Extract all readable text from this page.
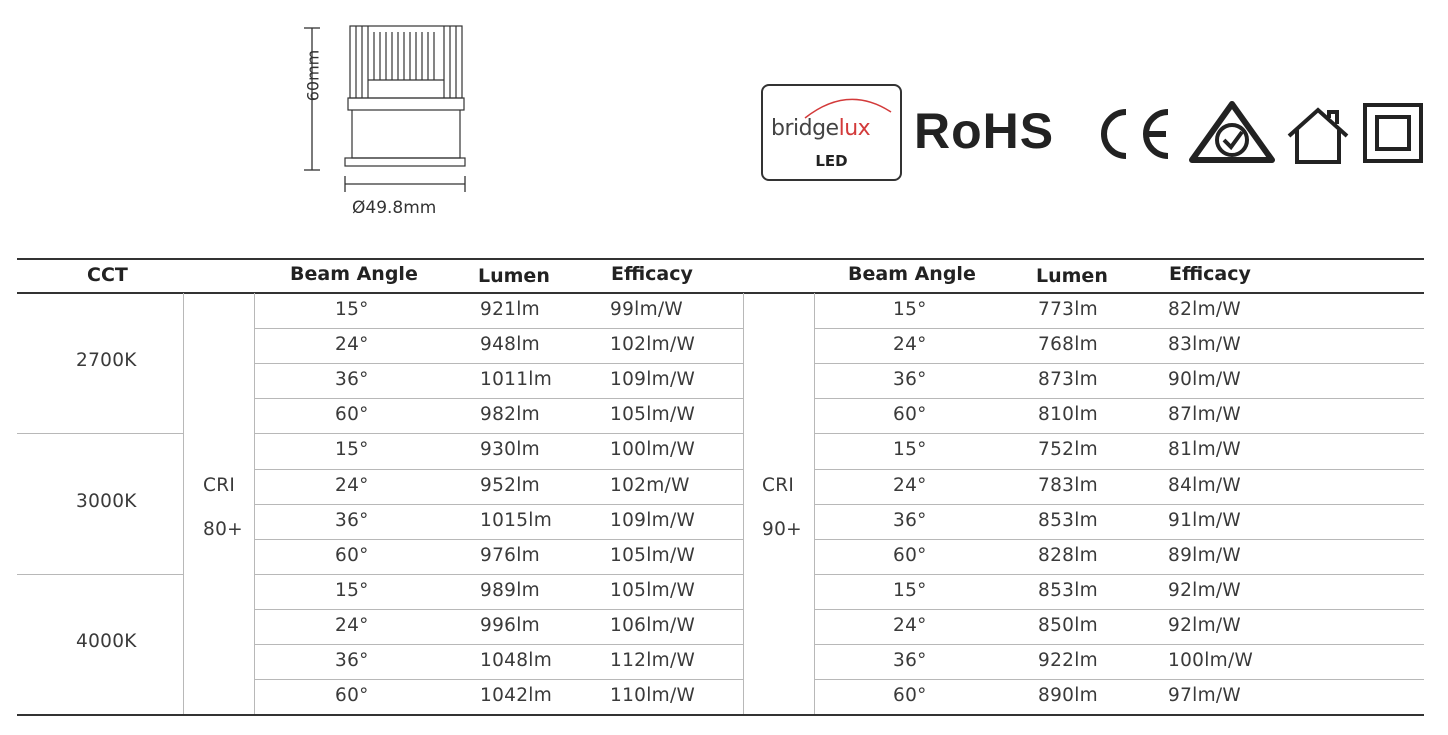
60mm
Ø49.8mm
bridgelux
LED
RoHS
CCT	Beam Angle	Lumen	Efficacy	Beam Angle	Lumen	Efficacy
CRI
80+
CRI
90+
2700K
15°	921lm	99lm/W	15°	773lm	82lm/W
24°	948lm	102lm/W	24°	768lm	83lm/W
36°	1011lm	109lm/W	36°	873lm	90lm/W
60°	982lm	105lm/W	60°	810lm	87lm/W
3000K
15°	930lm	100lm/W	15°	752lm	81lm/W
24°	952lm	102m/W	24°	783lm	84lm/W
36°	1015lm	109lm/W	36°	853lm	91lm/W
60°	976lm	105lm/W	60°	828lm	89lm/W
4000K
15°	989lm	105lm/W	15°	853lm	92lm/W
24°	996lm	106lm/W	24°	850lm	92lm/W
36°	1048lm	112lm/W	36°	922lm	100lm/W
60°	1042lm	110lm/W	60°	890lm	97lm/W
